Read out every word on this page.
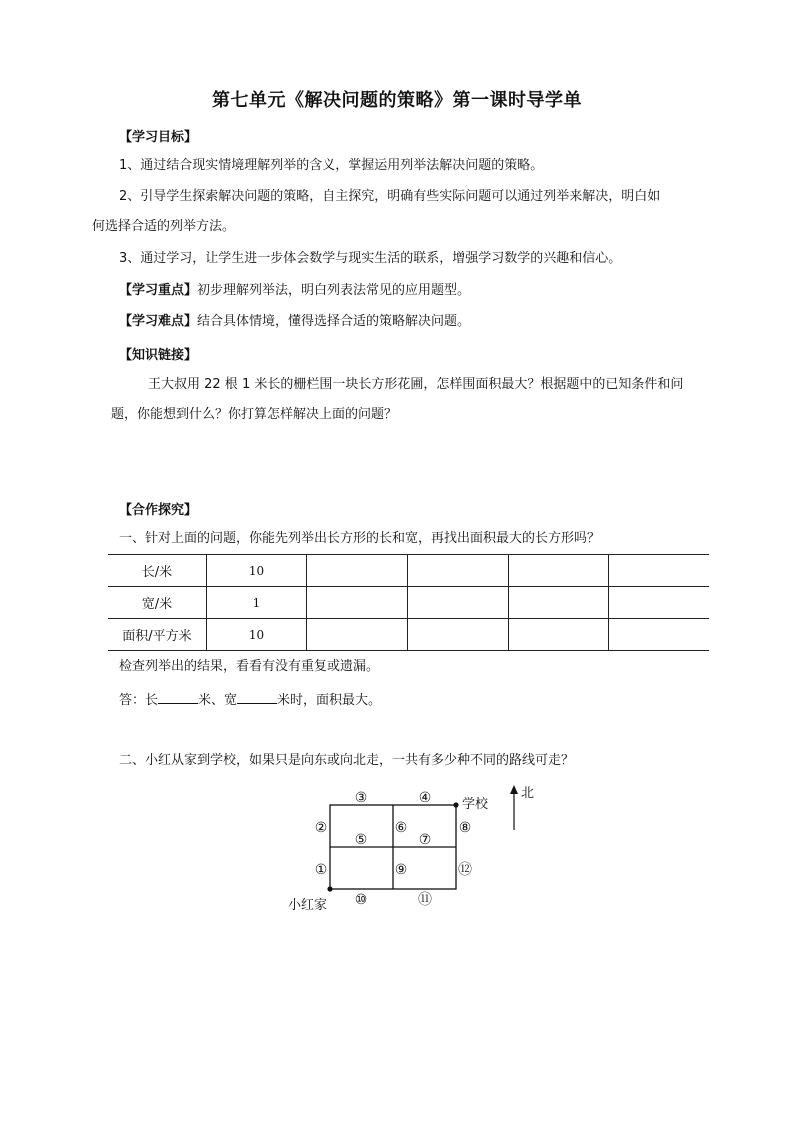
第七单元《解决问题的策略》第一课时导学单
【学习目标】
1、通过结合现实情境理解列举的含义，掌握运用列举法解决问题的策略。
2、引导学生探索解决问题的策略，自主探究，明确有些实际问题可以通过列举来解决，明白如
何选择合适的列举方法。
3、通过学习，让学生进一步体会数学与现实生活的联系，增强学习数学的兴趣和信心。
【学习重点】初步理解列举法，明白列表法常见的应用题型。
【学习难点】结合具体情境，懂得选择合适的策略解决问题。
【知识链接】
王大叔用 22 根 1 米长的栅栏围一块长方形花圃，怎样围面积最大？根据题中的已知条件和问
题，你能想到什么？你打算怎样解决上面的问题？
【合作探究】
一、针对上面的问题，你能先列举出长方形的长和宽，再找出面积最大的长方形吗？
长/米	10				
宽/米	1				
面积/平方米	10				
检查列举出的结果，看看有没有重复或遗漏。
答：长	米、宽	米时，面积最大。
二、小红从家到学校，如果只是向东或向北走，一共有多少种不同的路线可走？
③	④
②
⑤
⑥
⑦
⑧
①	⑨	⑫
⑩	⑪
学校
小红家
北
